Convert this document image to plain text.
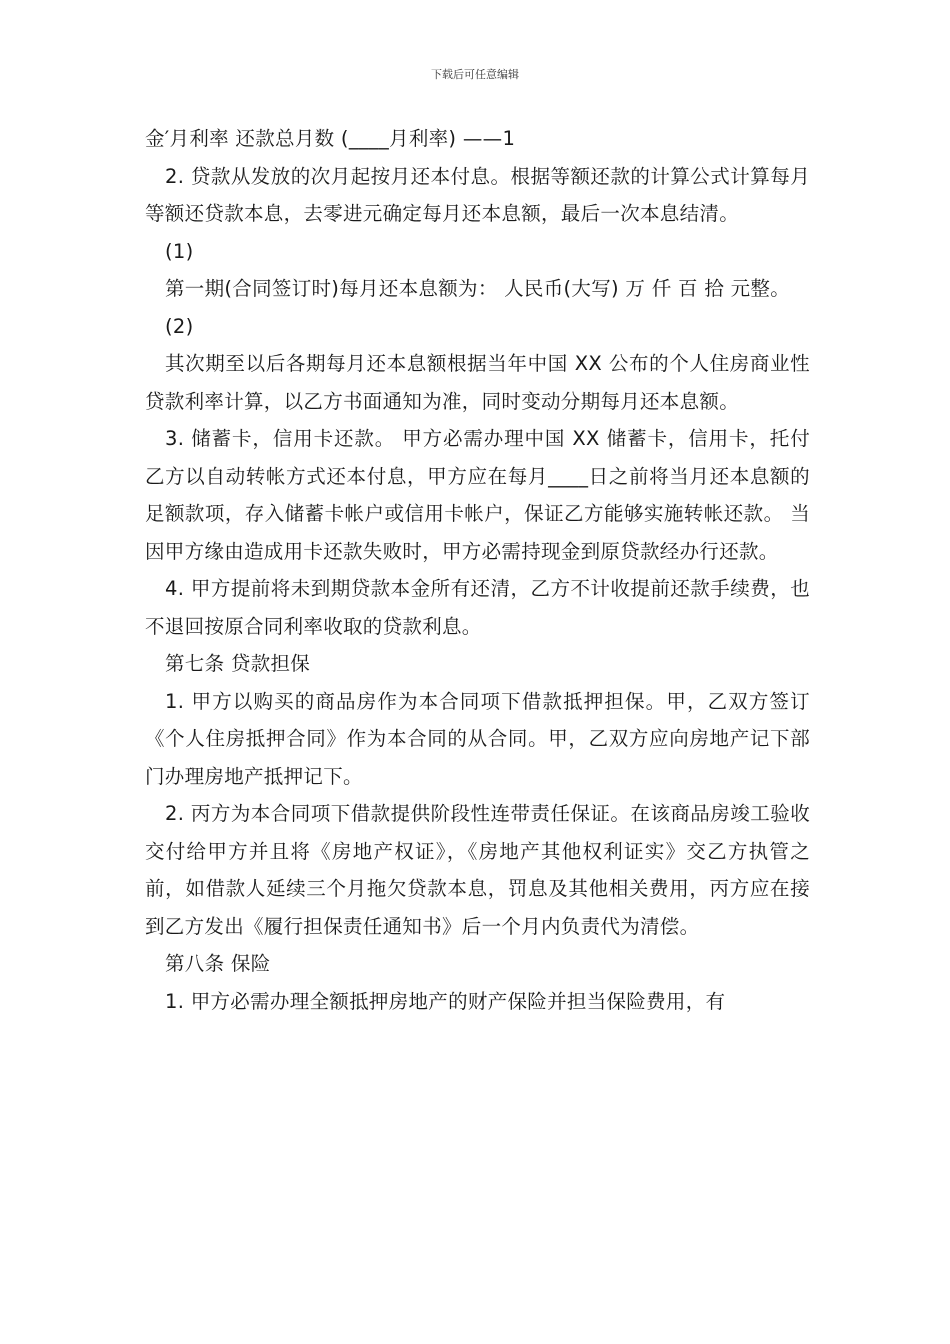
下载后可任意编辑

金′月利率 还款总月数 (____月利率) ——1

2. 贷款从发放的次月起按月还本付息。根据等额还款的计算公式计算每月等额还贷款本息，去零进元确定每月还本息额，最后一次本息结清。

(1)

第一期(合同签订时)每月还本息额为： 人民币(大写) 万 仟 百 拾 元整。

(2)

其次期至以后各期每月还本息额根据当年中国 XX 公布的个人住房商业性贷款利率计算，以乙方书面通知为准，同时变动分期每月还本息额。

3. 储蓄卡，信用卡还款。 甲方必需办理中国 XX 储蓄卡，信用卡，托付乙方以自动转帐方式还本付息，甲方应在每月____日之前将当月还本息额的足额款项，存入储蓄卡帐户或信用卡帐户，保证乙方能够实施转帐还款。 当因甲方缘由造成用卡还款失败时，甲方必需持现金到原贷款经办行还款。

4. 甲方提前将未到期贷款本金所有还清，乙方不计收提前还款手续费，也不退回按原合同利率收取的贷款利息。

第七条 贷款担保

1. 甲方以购买的商品房作为本合同项下借款抵押担保。甲，乙双方签订《个人住房抵押合同》作为本合同的从合同。甲，乙双方应向房地产记下部门办理房地产抵押记下。

2. 丙方为本合同项下借款提供阶段性连带责任保证。在该商品房竣工验收交付给甲方并且将《房地产权证》，《房地产其他权利证实》交乙方执管之前，如借款人延续三个月拖欠贷款本息，罚息及其他相关费用，丙方应在接到乙方发出《履行担保责任通知书》后一个月内负责代为清偿。

第八条 保险

1. 甲方必需办理全额抵押房地产的财产保险并担当保险费用，有
